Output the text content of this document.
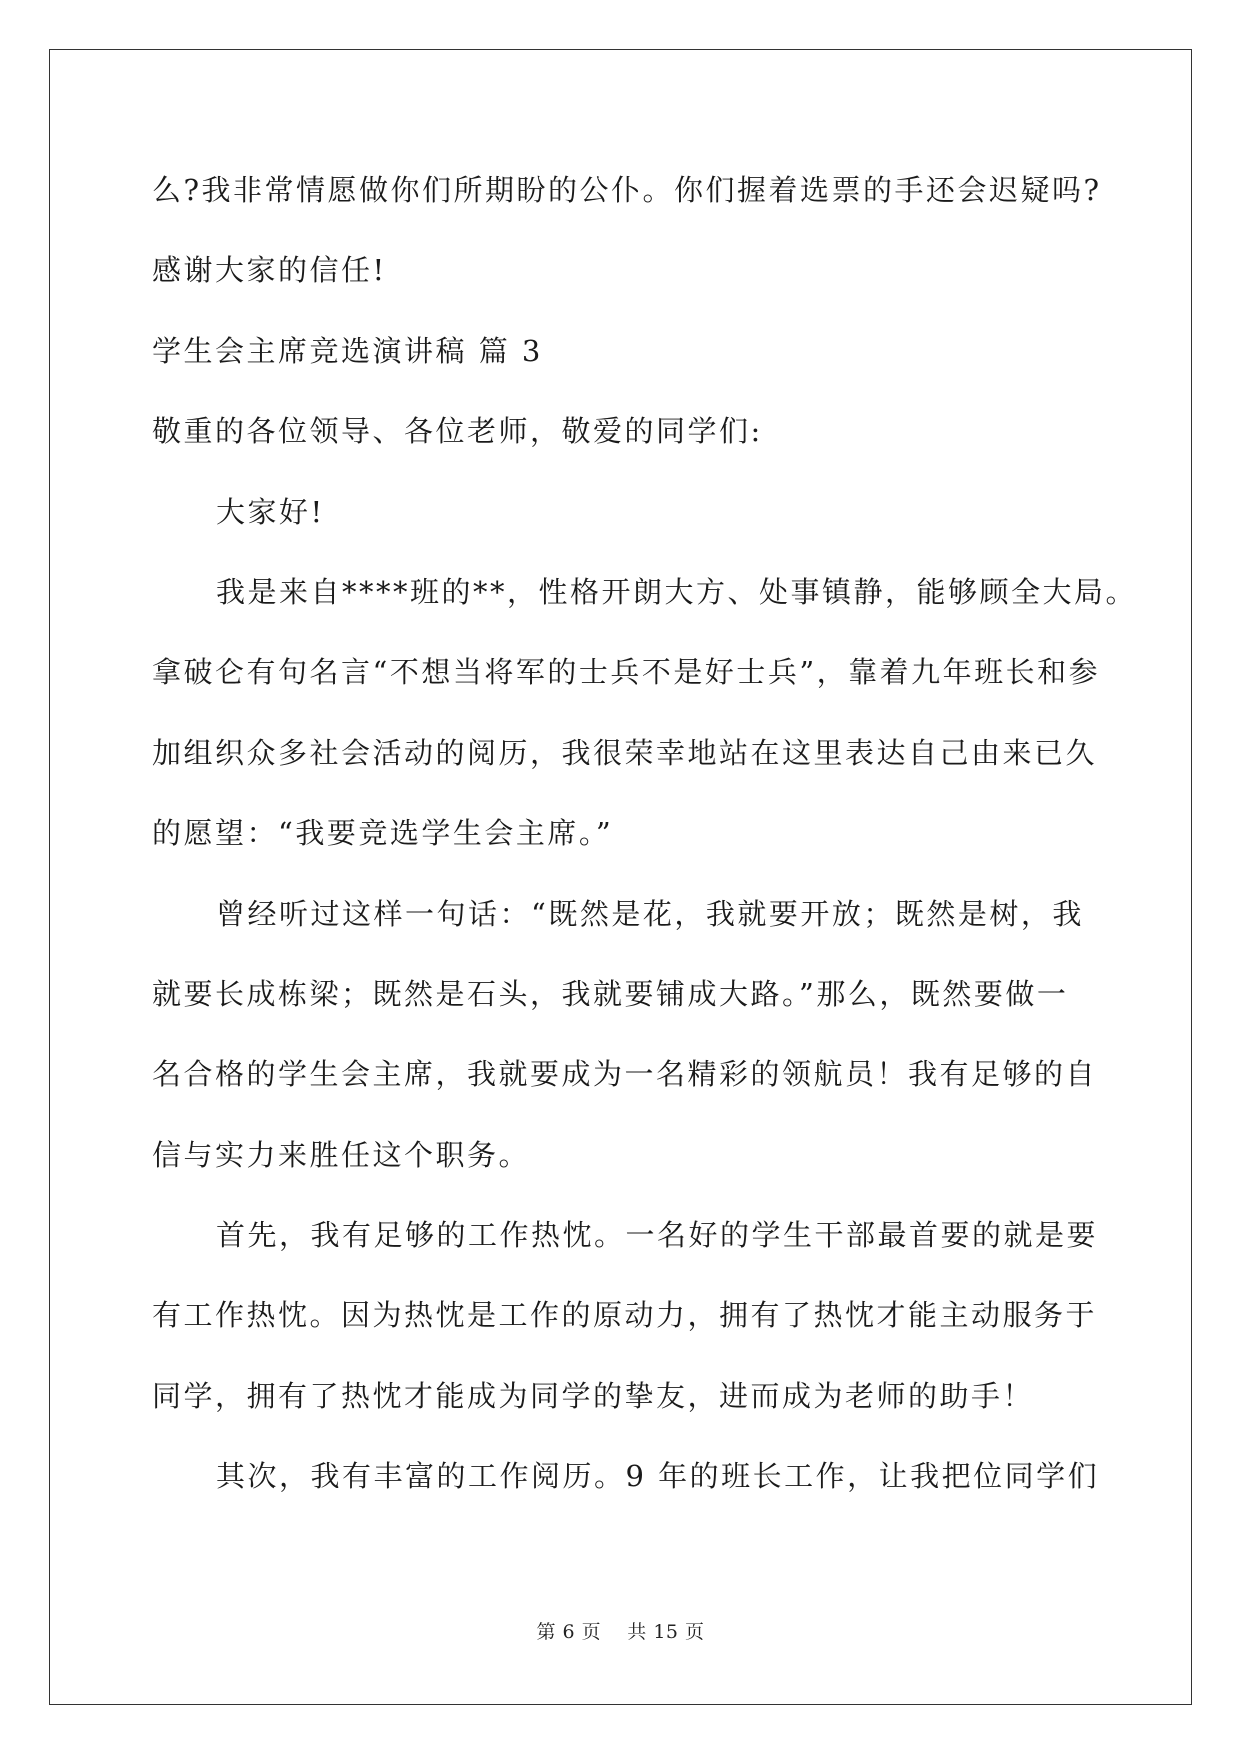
么?我非常情愿做你们所期盼的公仆。你们握着选票的手还会迟疑吗?
感谢大家的信任!
学生会主席竞选演讲稿 篇 3
敬重的各位领导、各位老师，敬爱的同学们:
大家好!
我是来自****班的**，性格开朗大方、处事镇静，能够顾全大局。
拿破仑有句名言“不想当将军的士兵不是好士兵”，靠着九年班长和参
加组织众多社会活动的阅历，我很荣幸地站在这里表达自己由来已久
的愿望：“我要竞选学生会主席。”
曾经听过这样一句话：“既然是花，我就要开放；既然是树，我
就要长成栋梁；既然是石头，我就要铺成大路。”那么，既然要做一
名合格的学生会主席，我就要成为一名精彩的领航员！我有足够的自
信与实力来胜任这个职务。
首先，我有足够的工作热忱。一名好的学生干部最首要的就是要
有工作热忱。因为热忱是工作的原动力，拥有了热忱才能主动服务于
同学，拥有了热忱才能成为同学的挚友，进而成为老师的助手！
其次，我有丰富的工作阅历。9 年的班长工作，让我把位同学们
第 6 页    共 15 页
